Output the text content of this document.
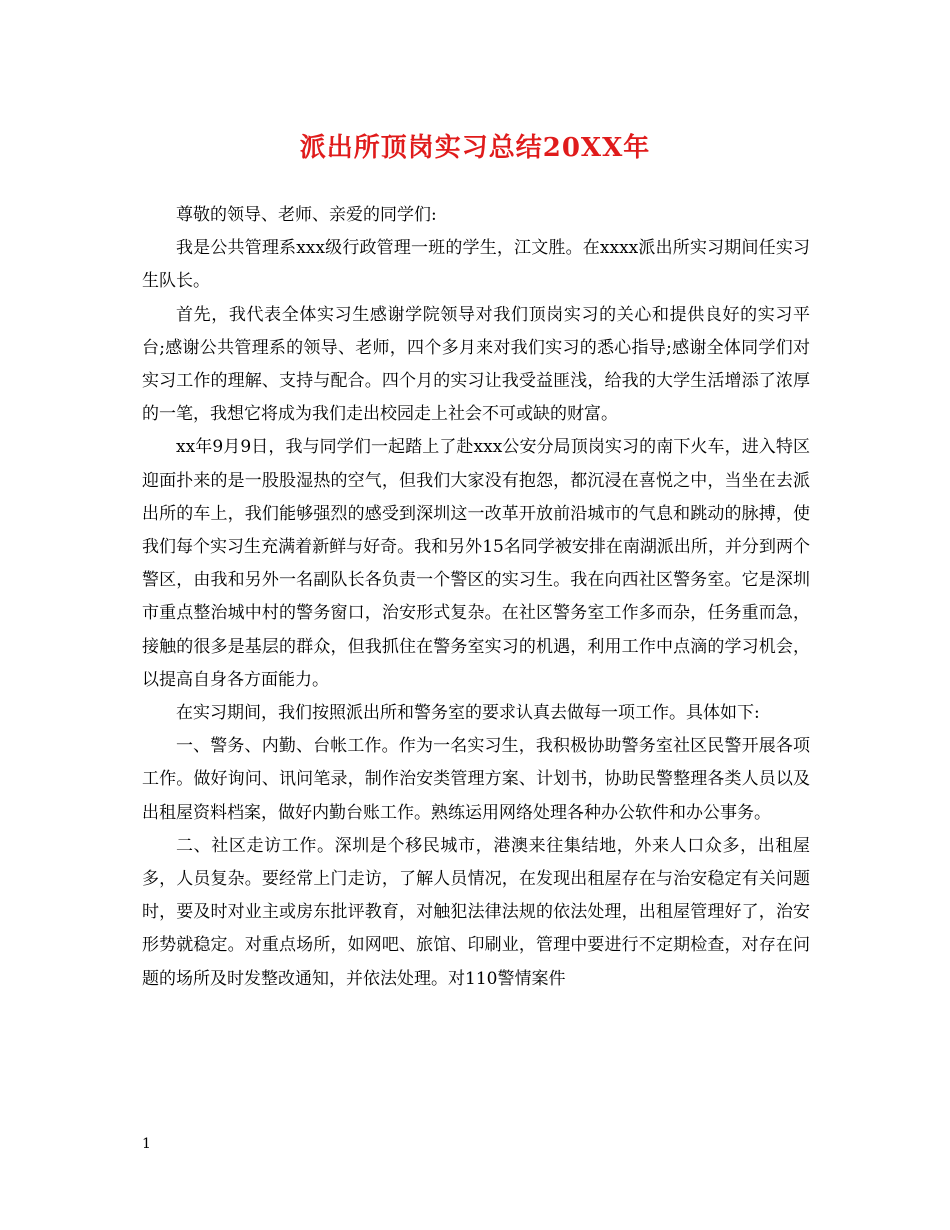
派出所顶岗实习总结20XX年

尊敬的领导、老师、亲爱的同学们:

我是公共管理系xxx级行政管理一班的学生，江文胜。在xxxx派出所实习期间任实习生队长。

首先，我代表全体实习生感谢学院领导对我们顶岗实习的关心和提供良好的实习平台;感谢公共管理系的领导、老师，四个多月来对我们实习的悉心指导;感谢全体同学们对实习工作的理解、支持与配合。四个月的实习让我受益匪浅，给我的大学生活增添了浓厚的一笔，我想它将成为我们走出校园走上社会不可或缺的财富。

xx年9月9日，我与同学们一起踏上了赴xxx公安分局顶岗实习的南下火车，进入特区迎面扑来的是一股股湿热的空气，但我们大家没有抱怨，都沉浸在喜悦之中，当坐在去派出所的车上，我们能够强烈的感受到深圳这一改革开放前沿城市的气息和跳动的脉搏，使我们每个实习生充满着新鲜与好奇。我和另外15名同学被安排在南湖派出所，并分到两个警区，由我和另外一名副队长各负责一个警区的实习生。我在向西社区警务室。它是深圳市重点整治城中村的警务窗口，治安形式复杂。在社区警务室工作多而杂，任务重而急，接触的很多是基层的群众，但我抓住在警务室实习的机遇，利用工作中点滴的学习机会，以提高自身各方面能力。

在实习期间，我们按照派出所和警务室的要求认真去做每一项工作。具体如下:

一、警务、内勤、台帐工作。作为一名实习生，我积极协助警务室社区民警开展各项工作。做好询问、讯问笔录，制作治安类管理方案、计划书，协助民警整理各类人员以及出租屋资料档案，做好内勤台账工作。熟练运用网络处理各种办公软件和办公事务。

二、社区走访工作。深圳是个移民城市，港澳来往集结地，外来人口众多，出租屋多，人员复杂。要经常上门走访，了解人员情况，在发现出租屋存在与治安稳定有关问题时，要及时对业主或房东批评教育，对触犯法律法规的依法处理，出租屋管理好了，治安形势就稳定。对重点场所，如网吧、旅馆、印刷业，管理中要进行不定期检查，对存在问题的场所及时发整改通知，并依法处理。对110警情案件

1
